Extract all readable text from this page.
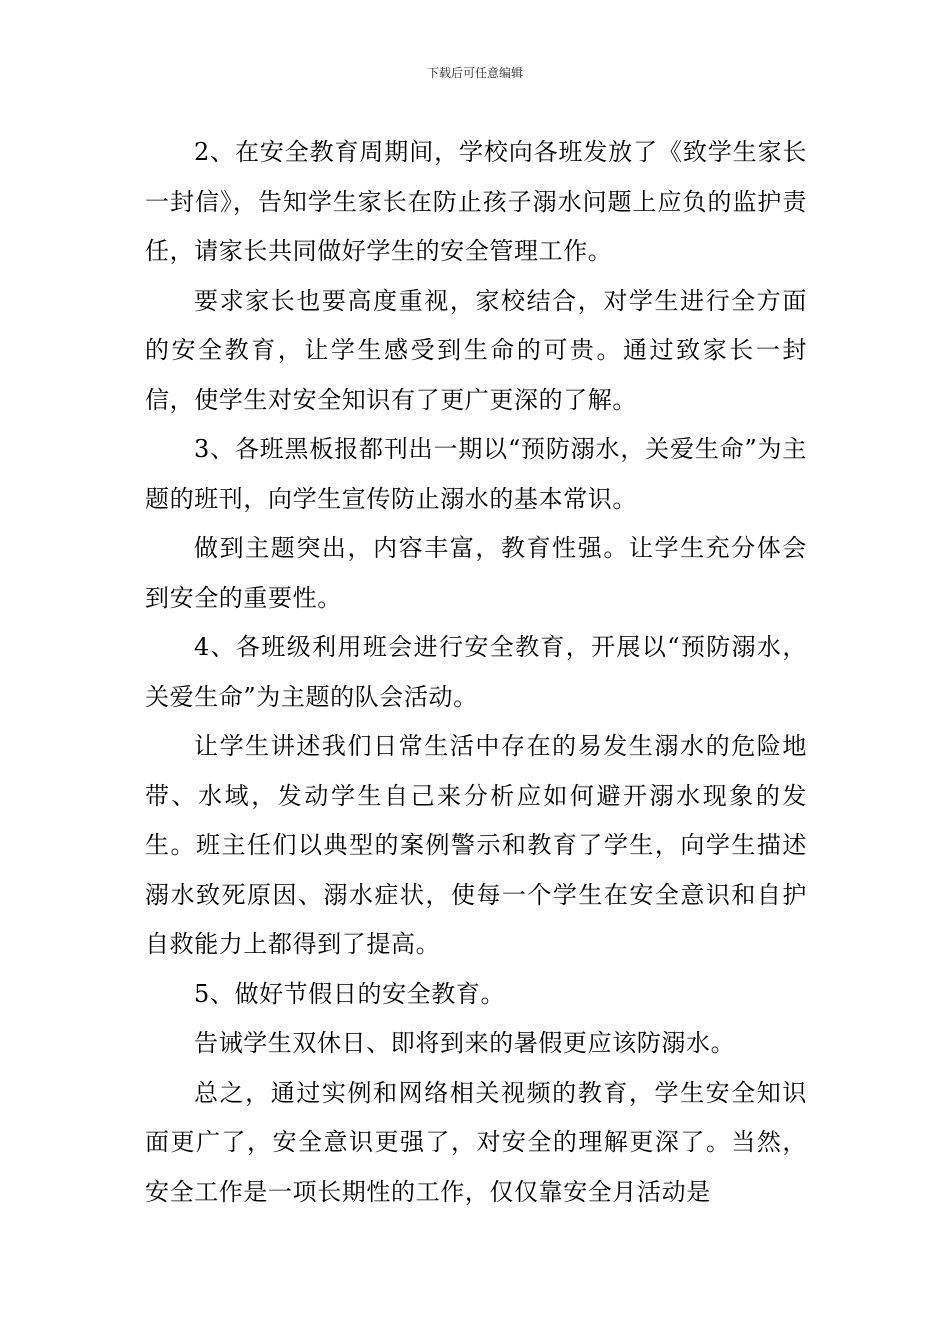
下载后可任意编辑

2、在安全教育周期间，学校向各班发放了《致学生家长一封信》，告知学生家长在防止孩子溺水问题上应负的监护责任，请家长共同做好学生的安全管理工作。

要求家长也要高度重视，家校结合，对学生进行全方面的安全教育，让学生感受到生命的可贵。通过致家长一封信，使学生对安全知识有了更广更深的了解。

3、各班黑板报都刊出一期以“预防溺水，关爱生命”为主题的班刊，向学生宣传防止溺水的基本常识。

做到主题突出，内容丰富，教育性强。让学生充分体会到安全的重要性。

4、各班级利用班会进行安全教育，开展以“预防溺水，关爱生命”为主题的队会活动。

让学生讲述我们日常生活中存在的易发生溺水的危险地带、水域，发动学生自己来分析应如何避开溺水现象的发生。班主任们以典型的案例警示和教育了学生，向学生描述溺水致死原因、溺水症状，使每一个学生在安全意识和自护自救能力上都得到了提高。

5、做好节假日的安全教育。

告诫学生双休日、即将到来的暑假更应该防溺水。

总之，通过实例和网络相关视频的教育，学生安全知识面更广了，安全意识更强了，对安全的理解更深了。当然，安全工作是一项长期性的工作，仅仅靠安全月活动是
